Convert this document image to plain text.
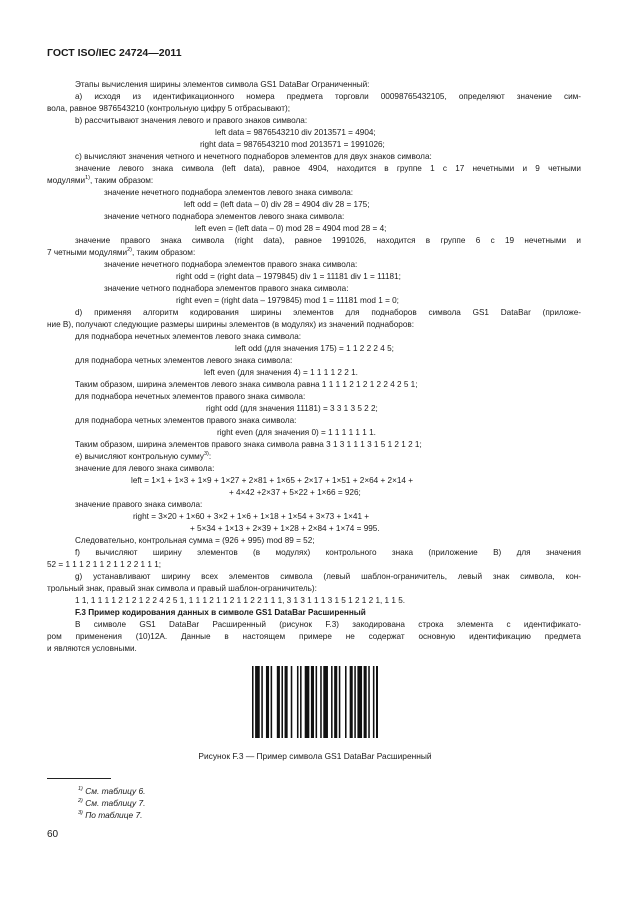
ГОСТ ISO/IEC 24724—2011
Этапы вычисления ширины элементов символа GS1 DataBar Ограниченный:
а) исходя из идентификационного номера предмета торговли 00098765432105, определяют значение сим-
вола, равное 9876543210 (контрольную цифру 5 отбрасывают);
b) рассчитывают значения левого и правого знаков символа:
left data = 9876543210 div 2013571 = 4904;
right data = 9876543210 mod 2013571 = 1991026;
с) вычисляют значения четного и нечетного поднаборов элементов для двух знаков символа:
значение левого знака символа (left data), равное 4904, находится в группе 1 с 17 нечетными и 9 четными
модулями$^{1)}$, таким образом:
значение нечетного поднабора элементов левого знака символа:
left odd = (left data – 0) div 28 = 4904 div 28 = 175;
значение четного поднабора элементов левого знака символа:
left even = (left data – 0) mod 28 = 4904 mod 28 = 4;
значение правого знака символа (right data), равное 1991026, находится в группе 6 с 19 нечетными и
7 четными модулями$^{2)}$, таким образом:
значение нечетного поднабора элементов правого знака символа:
right odd = (right data – 1979845) div 1 = 11181 div 1 = 11181;
значение четного поднабора элементов правого знака символа:
right even = (right data – 1979845) mod 1 = 11181 mod 1 = 0;
d) применяя алгоритм кодирования ширины элементов для поднаборов символа GS1 DataBar (приложе-
ние В), получают следующие размеры ширины элементов (в модулях) из значений поднаборов:
для поднабора нечетных элементов левого знака символа:
left odd (для значения 175) = 1 1 2 2 2 4 5;
для поднабора четных элементов левого знака символа:
left even (для значения 4) = 1 1 1 1 2 2 1.
Таким образом, ширина элементов левого знака символа равна 1 1 1 1 2 1 2 1 2 2 4 2 5 1;
для поднабора нечетных элементов правого знака символа:
right odd (для значения 11181) = 3 3 1 3 5 2 2;
для поднабора четных элементов правого знака символа:
right even (для значения 0) = 1 1 1 1 1 1 1.
Таким образом, ширина элементов правого знака символа равна 3 1 3 1 1 1 3 1 5 1 2 1 2 1;
е) вычисляют контрольную сумму$^{3)}$:
значение для левого знака символа:
left = 1×1 + 1×3 + 1×9 + 1×27 + 2×81 + 1×65 + 2×17 + 1×51 + 2×64 + 2×14 +
+ 4×42 +2×37 + 5×22 + 1×66 = 926;
значение правого знака символа:
right = 3×20 + 1×60 + 3×2 + 1×6 + 1×18 + 1×54 + 3×73 + 1×41 +
+ 5×34 + 1×13 + 2×39 + 1×28 + 2×84 + 1×74 = 995.
Следовательно, контрольная сумма = (926 + 995) mod 89 = 52;
f) вычисляют ширину элементов (в модулях) контрольного знака (приложение В) для значения
52 = 1 1 1 2 1 1 2 1 1 2 2 1 1 1;
g) устанавливают ширину всех элементов символа (левый шаблон-ограничитель, левый знак символа, кон-
трольный знак, правый знак символа и правый шаблон-ограничитель):
1 1, 1 1 1 1 2 1 2 1 2 2 4 2 5 1, 1 1 1 2 1 1 2 1 1 2 2 1 1 1, 3 1 3 1 1 1 3 1 5 1 2 1 2 1, 1 1 5.
F.3 Пример кодирования данных в символе GS1 DataBar Расширенный
В символе GS1 DataBar Расширенный (рисунок F.3) закодирована строка элемента с идентификато-
ром применения (10)12A. Данные в настоящем примере не содержат основную идентификацию предмета
и являются условными.
Рисунок F.3 — Пример символа GS1 DataBar Расширенный
$^{1)}$ См. таблицу 6.
$^{2)}$ См. таблицу 7.
$^{3)}$ По таблице 7.
60
